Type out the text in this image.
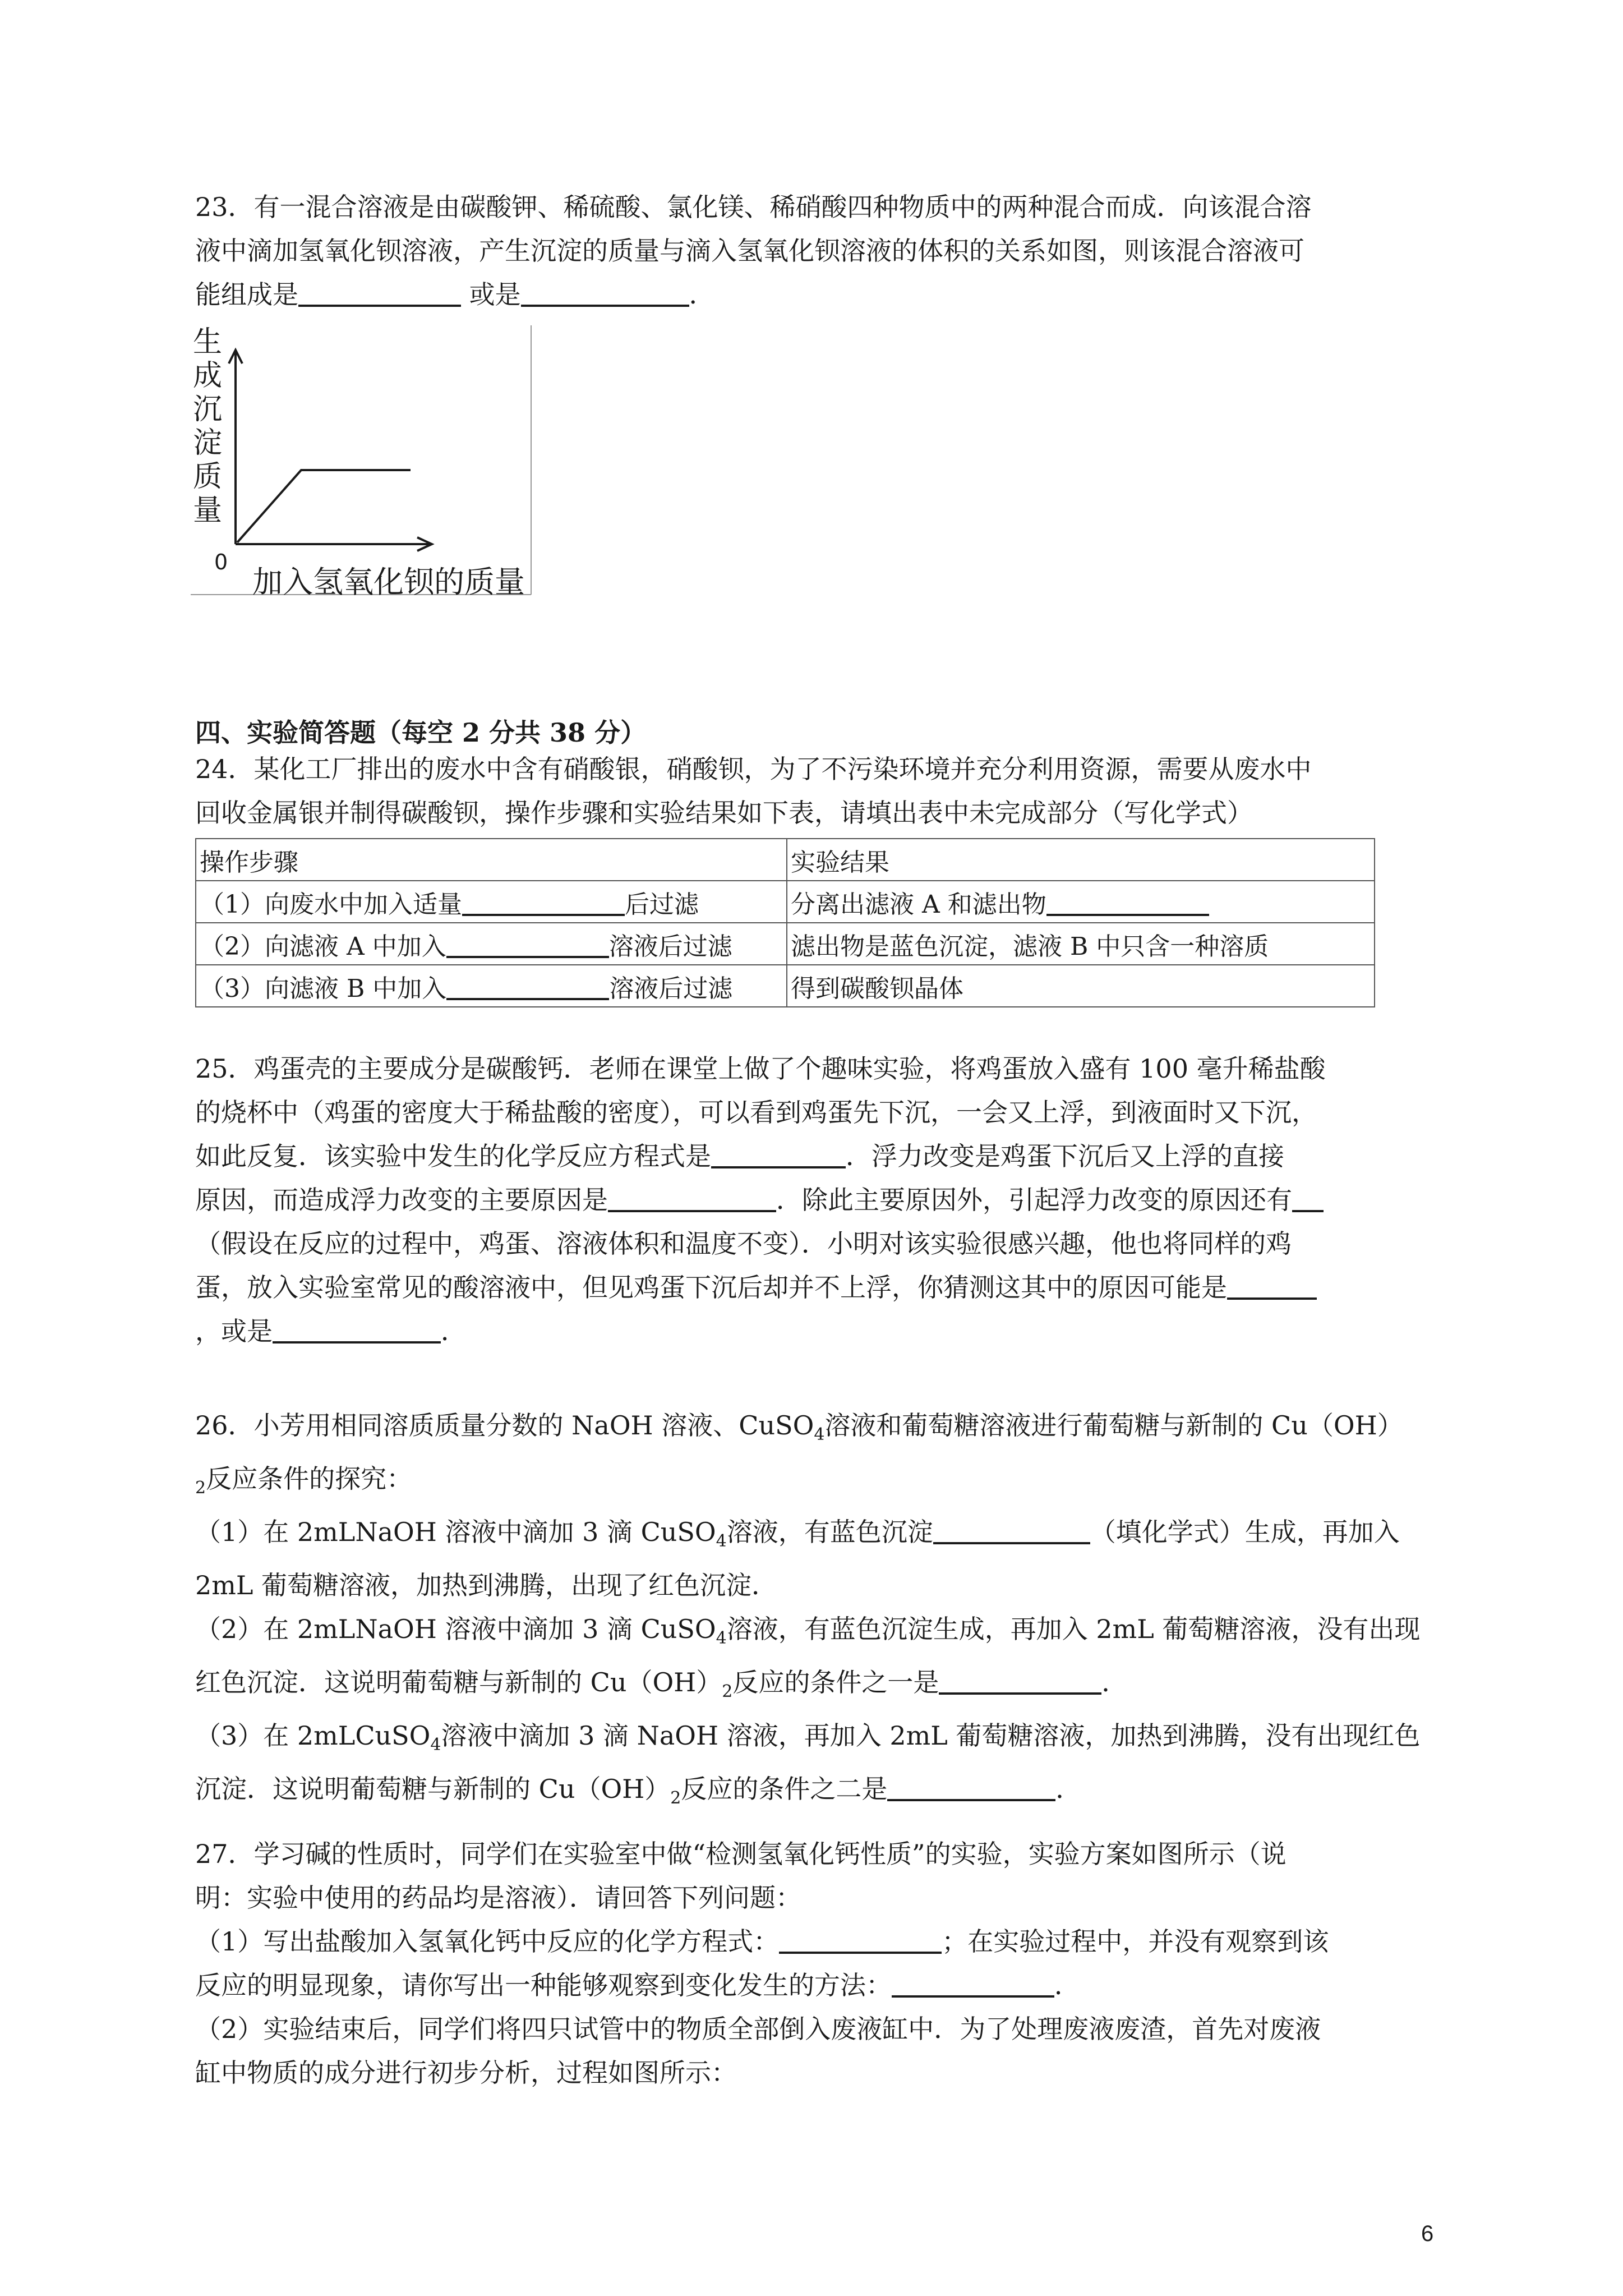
23．有一混合溶液是由碳酸钾、稀硫酸、氯化镁、稀硝酸四种物质中的两种混合而成．向该混合溶
液中滴加氢氧化钡溶液，产生沉淀的质量与滴入氢氧化钡溶液的体积的关系如图，则该混合溶液可
能组成是	或是	．
生
成
沉
淀
质
量
0
加入氢氧化钡的质量
四、实验简答题（每空 2 分共 38 分）
24．某化工厂排出的废水中含有硝酸银，硝酸钡，为了不污染环境并充分利用资源，需要从废水中
回收金属银并制得碳酸钡，操作步骤和实验结果如下表，请填出表中未完成部分（写化学式）
操作步骤	实验结果
（1）向废水中加入适量 后过滤	分离出滤液 A 和滤出物
（2）向滤液 A 中加入 溶液后过滤	滤出物是蓝色沉淀，滤液 B 中只含一种溶质
（3）向滤液 B 中加入 溶液后过滤	得到碳酸钡晶体
25．鸡蛋壳的主要成分是碳酸钙．老师在课堂上做了个趣味实验，将鸡蛋放入盛有 100 毫升稀盐酸
的烧杯中（鸡蛋的密度大于稀盐酸的密度），可以看到鸡蛋先下沉，一会又上浮，到液面时又下沉，
如此反复．该实验中发生的化学反应方程式是	．浮力改变是鸡蛋下沉后又上浮的直接
原因，而造成浮力改变的主要原因是	．除此主要原因外，引起浮力改变的原因还有
（假设在反应的过程中，鸡蛋、溶液体积和温度不变）．小明对该实验很感兴趣，他也将同样的鸡
蛋，放入实验室常见的酸溶液中，但见鸡蛋下沉后却并不上浮，你猜测这其中的原因可能是
，或是	．
26．小芳用相同溶质质量分数的 NaOH 溶液、CuSO$_4$溶液和葡萄糖溶液进行葡萄糖与新制的 Cu（OH）
$_2$反应条件的探究：
（1）在 2mLNaOH 溶液中滴加 3 滴 CuSO$_4$溶液，有蓝色沉淀	（填化学式）生成，再加入
2mL 葡萄糖溶液，加热到沸腾，出现了红色沉淀．
（2）在 2mLNaOH 溶液中滴加 3 滴 CuSO$_4$溶液，有蓝色沉淀生成，再加入 2mL 葡萄糖溶液，没有出现
红色沉淀．这说明葡萄糖与新制的 $Cu(OH)_2$反应的条件之一是	．
（3）在 2mLCuSO$_4$溶液中滴加 3 滴 NaOH 溶液，再加入 2mL 葡萄糖溶液，加热到沸腾，没有出现红色
沉淀．这说明葡萄糖与新制的 $Cu(OH)_2$反应的条件之二是	．
27．学习碱的性质时，同学们在实验室中做“检测氢氧化钙性质”的实验，实验方案如图所示（说
明：实验中使用的药品均是溶液）．请回答下列问题：
（1）写出盐酸加入氢氧化钙中反应的化学方程式：	；在实验过程中，并没有观察到该
反应的明显现象，请你写出一种能够观察到变化发生的方法：	．
（2）实验结束后，同学们将四只试管中的物质全部倒入废液缸中．为了处理废液废渣，首先对废液
缸中物质的成分进行初步分析，过程如图所示：
6
